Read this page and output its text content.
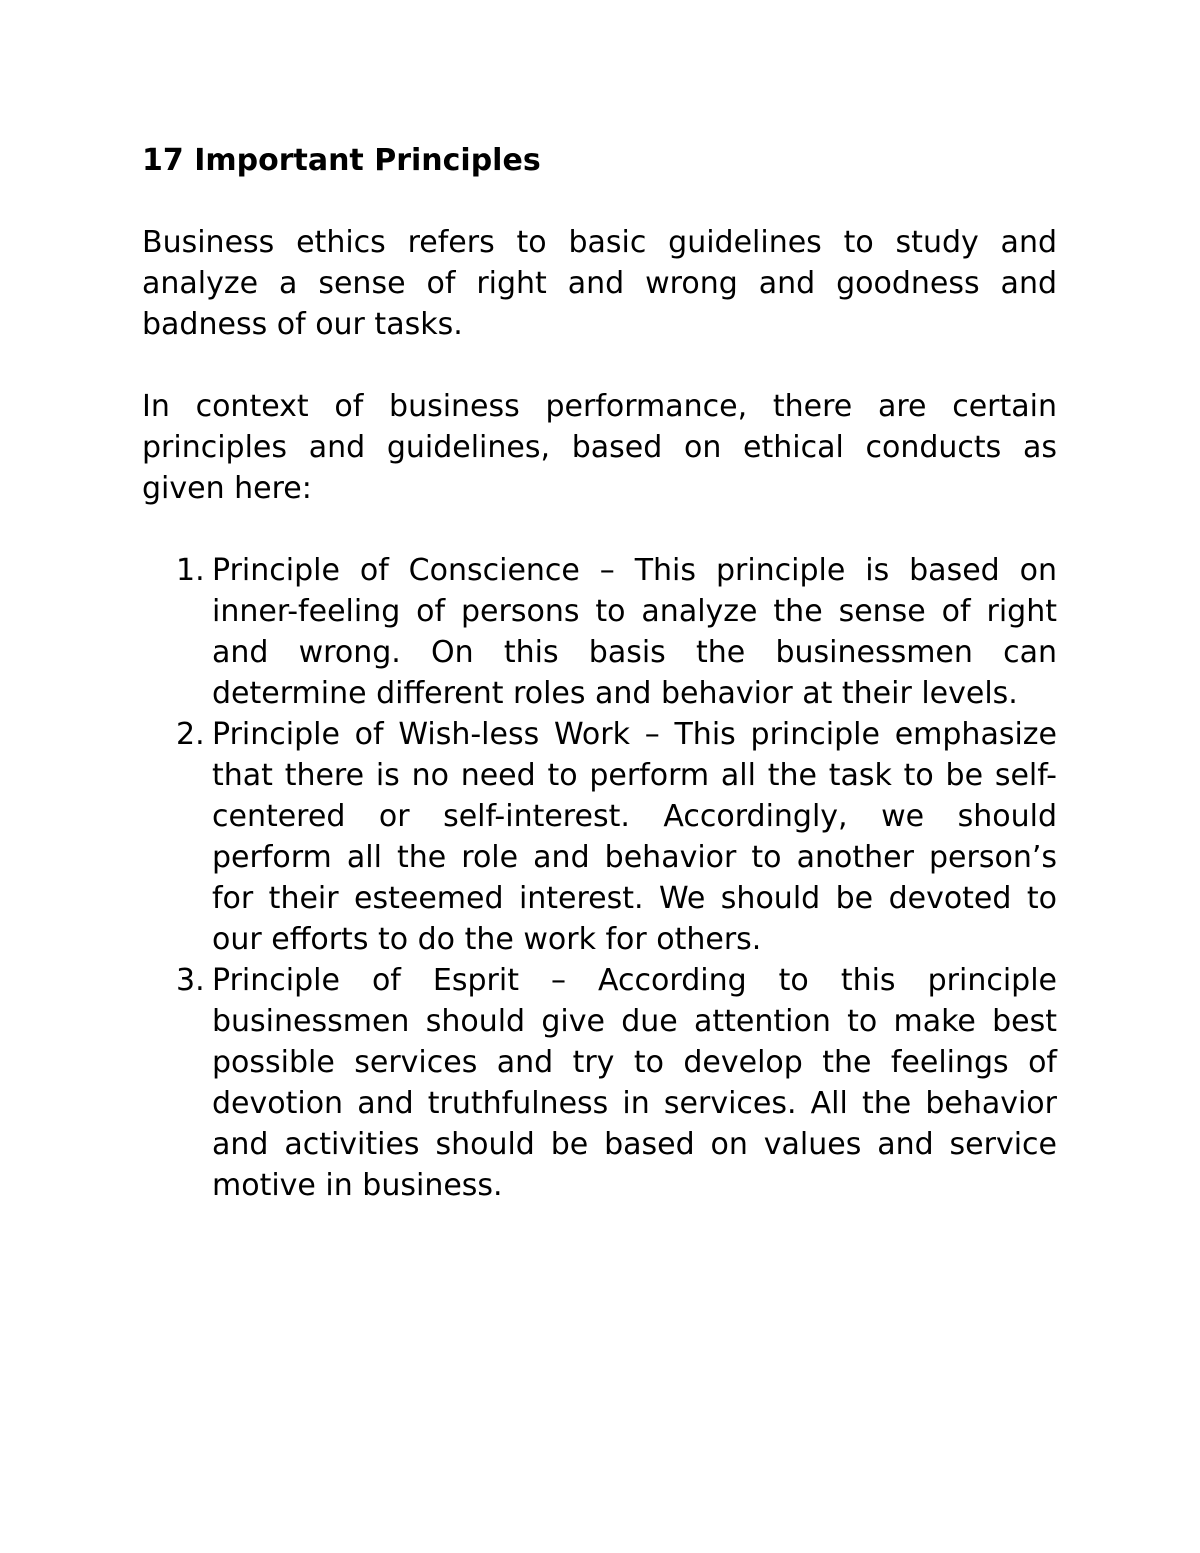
17 Important Principles

Business ethics refers to basic guidelines to study and analyze a sense of right and wrong and goodness and badness of our tasks.

In context of business performance, there are certain principles and guidelines, based on ethical conducts as given here:

1. Principle of Conscience – This principle is based on inner-feeling of persons to analyze the sense of right and wrong. On this basis the businessmen can determine different roles and behavior at their levels.
2. Principle of Wish-less Work – This principle emphasize that there is no need to perform all the task to be self-centered or self-interest. Accordingly, we should perform all the role and behavior to another person’s for their esteemed interest. We should be devoted to our efforts to do the work for others.
3. Principle of Esprit – According to this principle businessmen should give due attention to make best possible services and try to develop the feelings of devotion and truthfulness in services. All the behavior and activities should be based on values and service motive in business.
